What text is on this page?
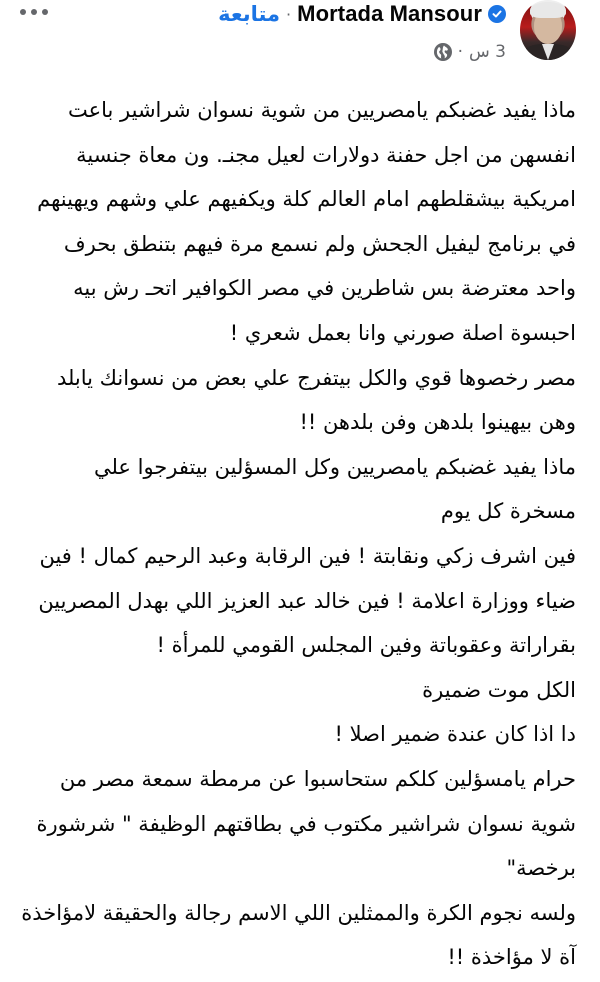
متابعة · Mortada Mansour
· 3 س
ماذا يفيد غضبكم يامصريين من شوية نسوان شراشير باعت
انفسهن من اجل حفنة دولارات لعيل مجنـ. ون معاة جنسية
امريكية بيشقلطهم امام العالم كلة ويكفيهم علي وشهم ويهينهم
في برنامج ليفيل الجحش ولم نسمع مرة فيهم بتنطق بحرف
واحد معترضة بس شاطرين في مصر الكوافير اتحـ رش بيه
احبسوة اصلة صورني وانا بعمل شعري !
مصر رخصوها قوي والكل بيتفرج علي بعض من نسوانك يابلد
وهن بيهينوا بلدهن وفن بلدهن !!
ماذا يفيد غضبكم يامصريين وكل المسؤلين بيتفرجوا علي
مسخرة كل يوم
فين اشرف زكي ونقابتة ! فين الرقابة وعبد الرحيم كمال ! فين
ضياء ووزارة اعلامة ! فين خالد عبد العزيز اللي بهدل المصريين
بقراراتة وعقوباتة وفين المجلس القومي للمرأة !
الكل موت ضميرة
دا اذا كان عندة ضمير اصلا !
حرام يامسؤلين كلكم ستحاسبوا عن مرمطة سمعة مصر من
شوية نسوان شراشير مكتوب في بطاقتهم الوظيفة " شرشورة
برخصة"
ولسه نجوم الكرة والممثلين اللي الاسم رجالة والحقيقة لامؤاخذة
آة لا مؤاخذة !!
